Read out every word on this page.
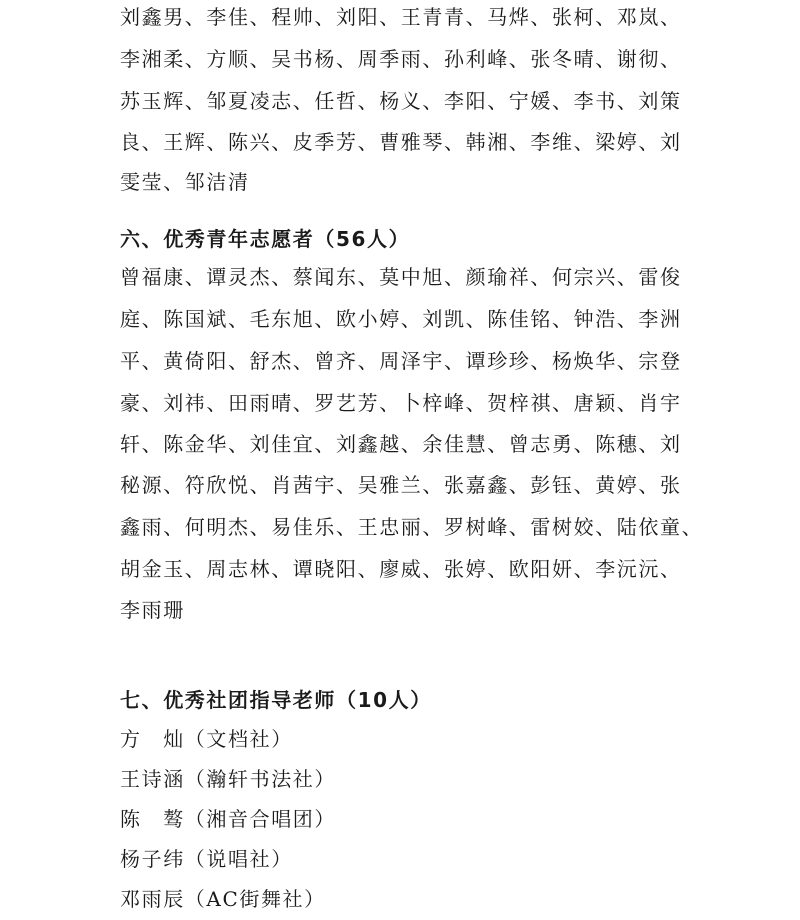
刘鑫男、李佳、程帅、刘阳、王青青、马烨、张柯、邓岚、
李湘柔、方顺、吴书杨、周季雨、孙利峰、张冬晴、谢彻、
苏玉辉、邹夏凌志、任哲、杨义、李阳、宁媛、李书、刘策
良、王辉、陈兴、皮季芳、曹雅琴、韩湘、李维、梁婷、刘
雯莹、邹洁清
六、优秀青年志愿者（56人）
曾福康、谭灵杰、蔡闻东、莫中旭、颜瑜祥、何宗兴、雷俊
庭、陈国斌、毛东旭、欧小婷、刘凯、陈佳铭、钟浩、李洲
平、黄倚阳、舒杰、曾齐、周泽宇、谭珍珍、杨焕华、宗登
豪、刘祎、田雨晴、罗艺芳、卜梓峰、贺梓祺、唐颖、肖宇
轩、陈金华、刘佳宜、刘鑫越、余佳慧、曾志勇、陈穗、刘
秘源、符欣悦、肖茜宇、吴雅兰、张嘉鑫、彭钰、黄婷、张
鑫雨、何明杰、易佳乐、王忠丽、罗树峰、雷树姣、陆依童、
胡金玉、周志林、谭晓阳、廖威、张婷、欧阳妍、李沅沅、
李雨珊
七、优秀社团指导老师（10人）
方　灿（文档社）
王诗涵（瀚轩书法社）
陈　骜（湘音合唱团）
杨子纬（说唱社）
邓雨辰（AC街舞社）
